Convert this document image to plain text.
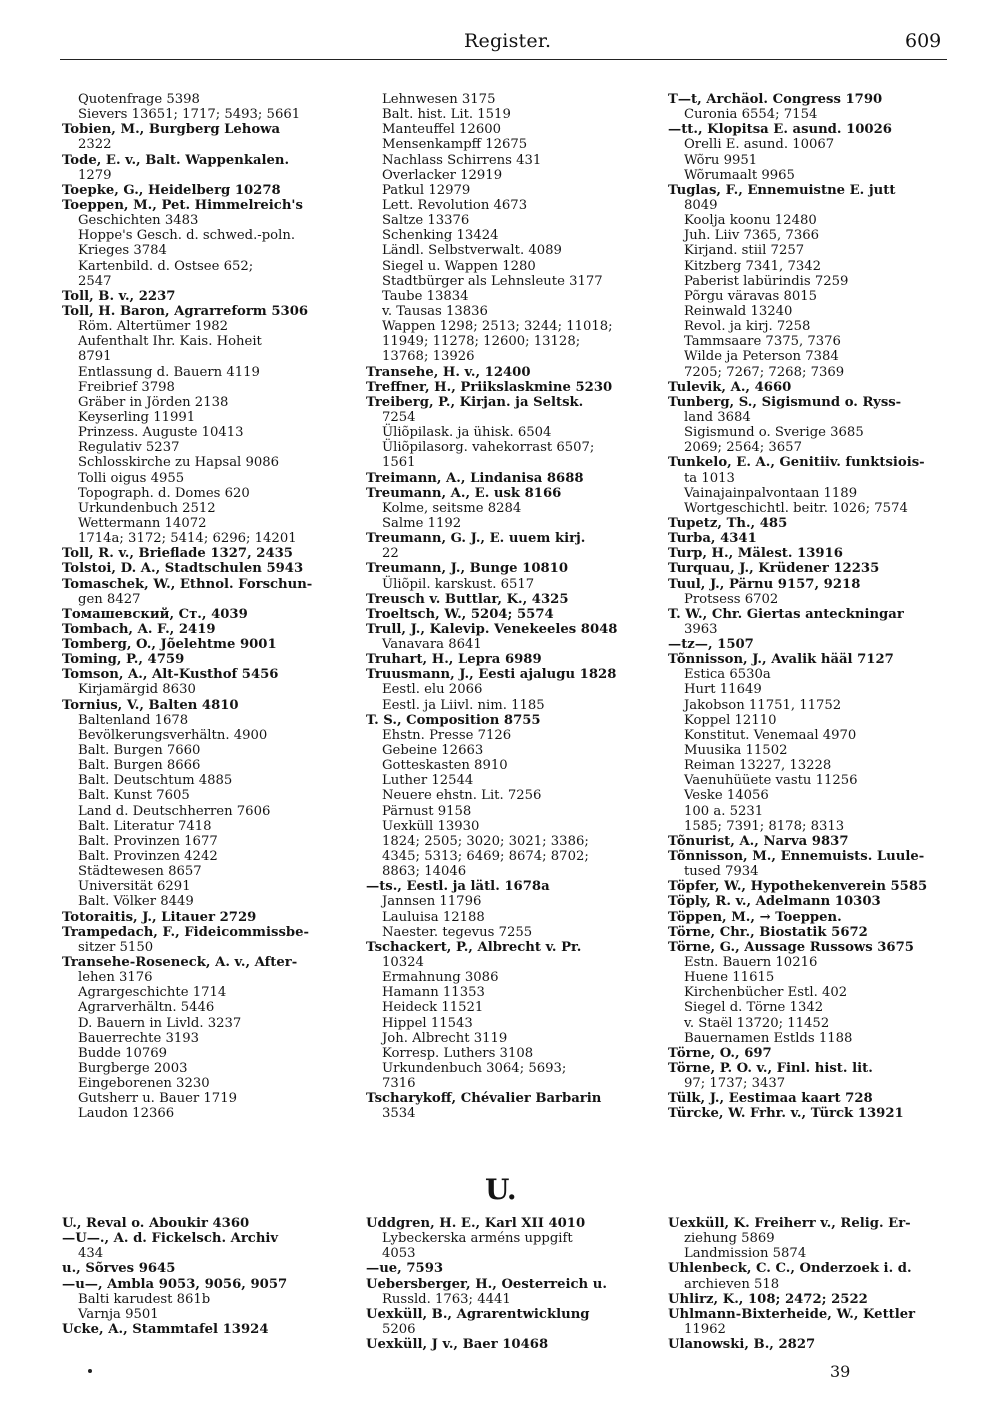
Register.	609
Quotenfrage 5398
Sievers 13651; 1717; 5493; 5661
Tobien, M., Burgberg Lehowa
2322
Tode, E. v., Balt. Wappenkalen.
1279
Toepke, G., Heidelberg 10278
Toeppen, M., Pet. Himmelreich's
Geschichten 3483
Hoppe's Gesch. d. schwed.-poln.
Krieges 3784
Kartenbild. d. Ostsee 652;
2547
Toll, B. v., 2237
Toll, H. Baron, Agrarreform 5306
Röm. Altertümer 1982
Aufenthalt Ihr. Kais. Hoheit
8791
Entlassung d. Bauern 4119
Freibrief 3798
Gräber in Jörden 2138
Keyserling 11991
Prinzess. Auguste 10413
Regulativ 5237
Schlosskirche zu Hapsal 9086
Tolli oigus 4955
Topograph. d. Domes 620
Urkundenbuch 2512
Wettermann 14072
1714a; 3172; 5414; 6296; 14201
Toll, R. v., Brieflade 1327, 2435
Tolstoi, D. A., Stadtschulen 5943
Tomaschek, W., Ethnol. Forschun-
gen 8427
Томашевский, Ст., 4039
Tombach, A. F., 2419
Tomberg, O., Jõelehtme 9001
Toming, P., 4759
Tomson, A., Alt-Kusthof 5456
Kirjamärgid 8630
Tornius, V., Balten 4810
Baltenland 1678
Bevölkerungsverhältn. 4900
Balt. Burgen 7660
Balt. Burgen 8666
Balt. Deutschtum 4885
Balt. Kunst 7605
Land d. Deutschherren 7606
Balt. Literatur 7418
Balt. Provinzen 1677
Balt. Provinzen 4242
Städtewesen 8657
Universität 6291
Balt. Völker 8449
Totoraitis, J., Litauer 2729
Trampedach, F., Fideicommissbe-
sitzer 5150
Transehe-Roseneck, A. v., After-
lehen 3176
Agrargeschichte 1714
Agrarverhältn. 5446
D. Bauern in Livld. 3237
Bauerrechte 3193
Budde 10769
Burgberge 2003
Eingeborenen 3230
Gutsherr u. Bauer 1719
Laudon 12366
Lehnwesen 3175
Balt. hist. Lit. 1519
Manteuffel 12600
Mensenkampff 12675
Nachlass Schirrens 431
Overlacker 12919
Patkul 12979
Lett. Revolution 4673
Saltze 13376
Schenking 13424
Ländl. Selbstverwalt. 4089
Siegel u. Wappen 1280
Stadtbürger als Lehnsleute 3177
Taube 13834
v. Tausas 13836
Wappen 1298; 2513; 3244; 11018;
11949; 11278; 12600; 13128;
13768; 13926
Transehe, H. v., 12400
Treffner, H., Priikslaskmine 5230
Treiberg, P., Kirjan. ja Seltsk.
7254
Üliõpilask. ja ühisk. 6504
Üliõpilasorg. vahekorrast 6507;
1561
Treimann, A., Lindanisa 8688
Treumann, A., E. usk 8166
Kolme, seitsme 8284
Salme 1192
Treumann, G. J., E. uuem kirj.
22
Treumann, J., Bunge 10810
Üliõpil. karskust. 6517
Treusch v. Buttlar, K., 4325
Troeltsch, W., 5204; 5574
Trull, J., Kalevip. Venekeeles 8048
Vanavara 8641
Truhart, H., Lepra 6989
Truusmann, J., Eesti ajalugu 1828
Eestl. elu 2066
Eestl. ja Liivl. nim. 1185
T. S., Composition 8755
Ehstn. Presse 7126
Gebeine 12663
Gotteskasten 8910
Luther 12544
Neuere ehstn. Lit. 7256
Pärnust 9158
Uexküll 13930
1824; 2505; 3020; 3021; 3386;
4345; 5313; 6469; 8674; 8702;
8863; 14046
—ts., Eestl. ja lätl. 1678a
Jannsen 11796
Lauluisa 12188
Naester. tegevus 7255
Tschackert, P., Albrecht v. Pr.
10324
Ermahnung 3086
Hamann 11353
Heideck 11521
Hippel 11543
Joh. Albrecht 3119
Korresp. Luthers 3108
Urkundenbuch 3064; 5693;
7316
Tscharykoff, Chévalier Barbarin
3534
T—t, Archäol. Congress 1790
Curonia 6554; 7154
—tt., Klopitsa E. asund. 10026
Orelli E. asund. 10067
Wõru 9951
Wõrumaalt 9965
Tuglas, F., Ennemuistne E. jutt
8049
Koolja koonu 12480
Juh. Liiv 7365, 7366
Kirjand. stiil 7257
Kitzberg 7341, 7342
Paberist labürindis 7259
Põrgu väravas 8015
Reinwald 13240
Revol. ja kirj. 7258
Tammsaare 7375, 7376
Wilde ja Peterson 7384
7205; 7267; 7268; 7369
Tulevik, A., 4660
Tunberg, S., Sigismund o. Ryss-
land 3684
Sigismund o. Sverige 3685
2069; 2564; 3657
Tunkelo, E. A., Genitiiv. funktsiois-
ta 1013
Vainajainpalvontaan 1189
Wortgeschichtl. beitr. 1026; 7574
Tupetz, Th., 485
Turba, 4341
Turp, H., Mälest. 13916
Turquau, J., Krüdener 12235
Tuul, J., Pärnu 9157, 9218
Protsess 6702
T. W., Chr. Giertas anteckningar
3963
—tz—, 1507
Tõnnisson, J., Avalik hääl 7127
Estica 6530a
Hurt 11649
Jakobson 11751, 11752
Koppel 12110
Konstitut. Venemaal 4970
Muusika 11502
Reiman 13227, 13228
Vaenuhüüete vastu 11256
Veske 14056
100 a. 5231
1585; 7391; 8178; 8313
Tõnurist, A., Narva 9837
Tõnnisson, M., Ennemuists. Luule-
tused 7934
Töpfer, W., Hypothekenverein 5585
Töply, R. v., Adelmann 10303
Töppen, M., → Toeppen.
Törne, Chr., Biostatik 5672
Törne, G., Aussage Russows 3675
Estn. Bauern 10216
Huene 11615
Kirchenbücher Estl. 402
Siegel d. Törne 1342
v. Staël 13720; 11452
Bauernamen Estlds 1188
Törne, O., 697
Törne, P. O. v., Finl. hist. lit.
97; 1737; 3437
Tülk, J., Eestimaa kaart 728
Türcke, W. Frhr. v., Türck 13921
U.
U., Reval o. Aboukir 4360
—U—., A. d. Fickelsch. Archiv
434
u., Sõrves 9645
—u—, Ambla 9053, 9056, 9057
Balti karudest 861b
Varnja 9501
Ucke, A., Stammtafel 13924
Uddgren, H. E., Karl XII 4010
Lybeckerska arméns uppgift
4053
—ue, 7593
Uebersberger, H., Oesterreich u.
Russld. 1763; 4441
Uexküll, B., Agrarentwicklung
5206
Uexküll, J v., Baer 10468
Uexküll, K. Freiherr v., Relig. Er-
ziehung 5869
Landmission 5874
Uhlenbeck, C. C., Onderzoek i. d.
archieven 518
Uhlirz, K., 108; 2472; 2522
Uhlmann-Bixterheide, W., Kettler
11962
Ulanowski, B., 2827
39
